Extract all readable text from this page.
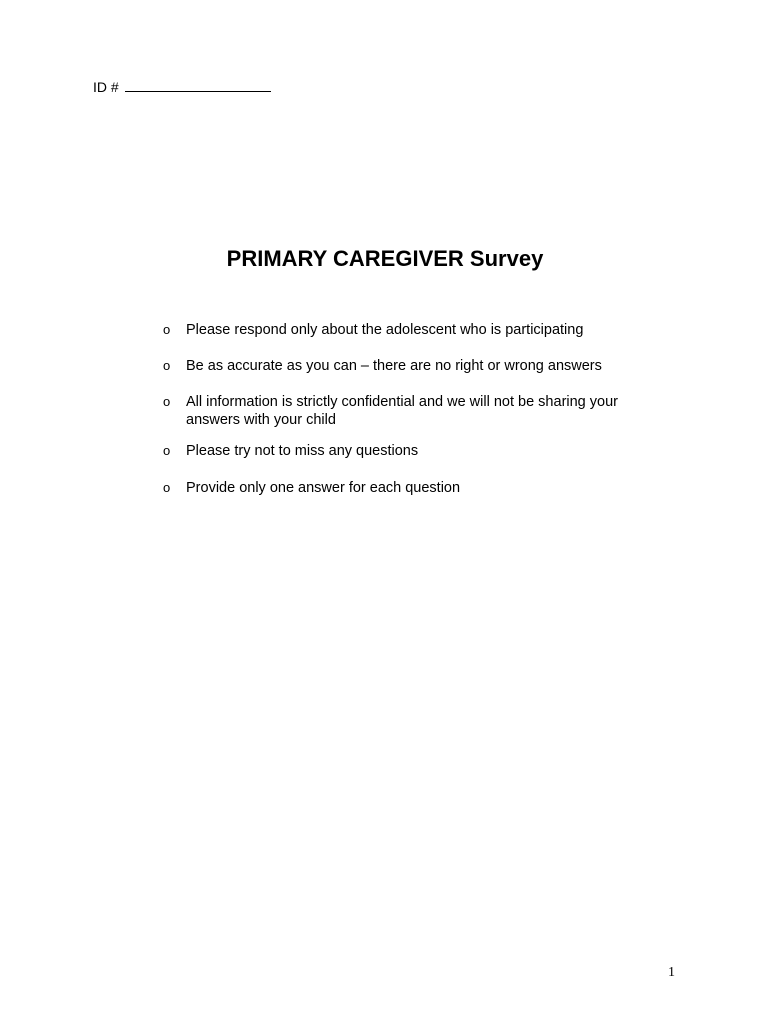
ID #
PRIMARY CAREGIVER Survey
o	Please respond only about the adolescent who is participating
o	Be as accurate as you can – there are no right or wrong answers
o	All information is strictly confidential and we will not be sharing your answers with your child
o	Please try not to miss any questions
o	Provide only one answer for each question
1
